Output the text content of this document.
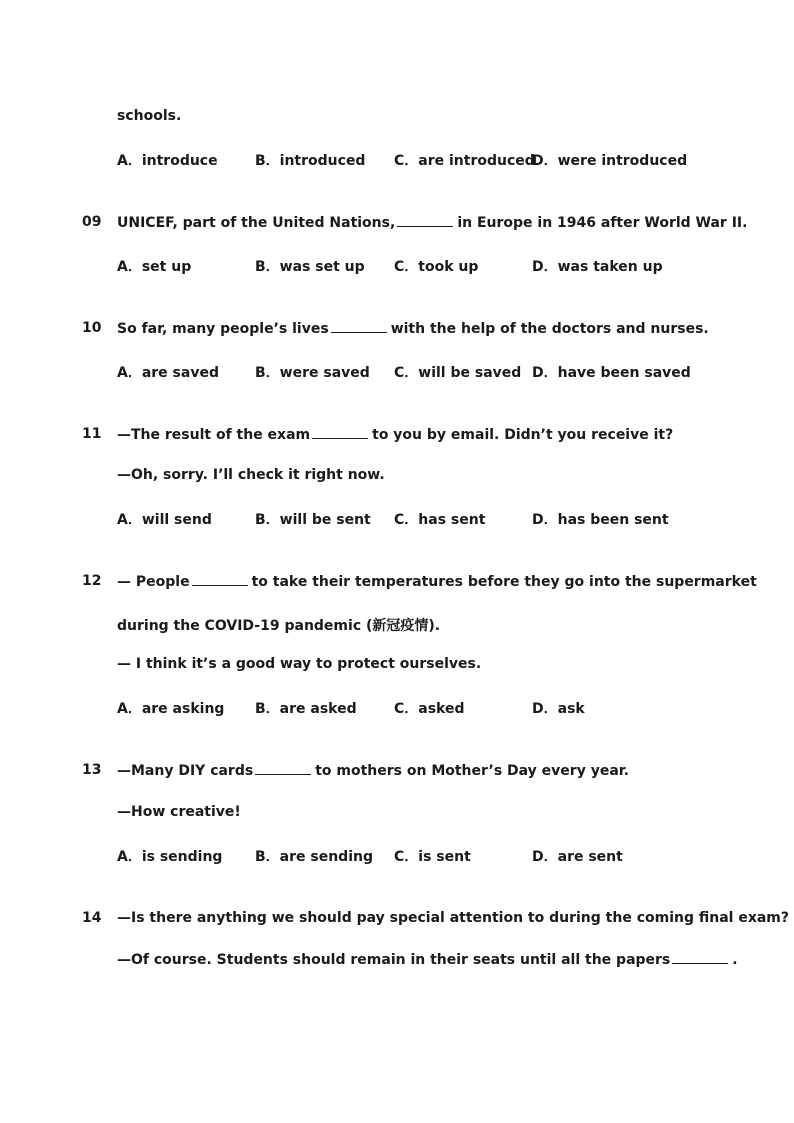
schools.
A．introduce	B．introduced C．are introduced
D．were introduced
09 UNICEF, part of the United Nations,	in Europe in 1946 after World War II.
A．set up	B．was set up C．took up	D．was taken up
10 So far, many people’s lives	with the help of the doctors and nurses.
A．are saved	B．were saved C．will be saved D．have been saved
11 —The result of the exam	to you by email. Didn’t you receive it?
—Oh, sorry. I’ll check it right now.
A．will send	B．will be sent C．has sent	D．has been sent
12 — People	to take their temperatures before they go into the supermarket
during the COVID-19 pandemic (新冠疫情).
— I think it’s a good way to protect ourselves.
A．are asking B．are asked	C．asked	D．ask
13 —Many DIY cards	to mothers on Mother’s Day every year.
—How creative!
A．is sending B．are sending C．is sent	D．are sent
14 —Is there anything we should pay special attention to during the coming final exam?
—Of course. Students should remain in their seats until all the papers	.
